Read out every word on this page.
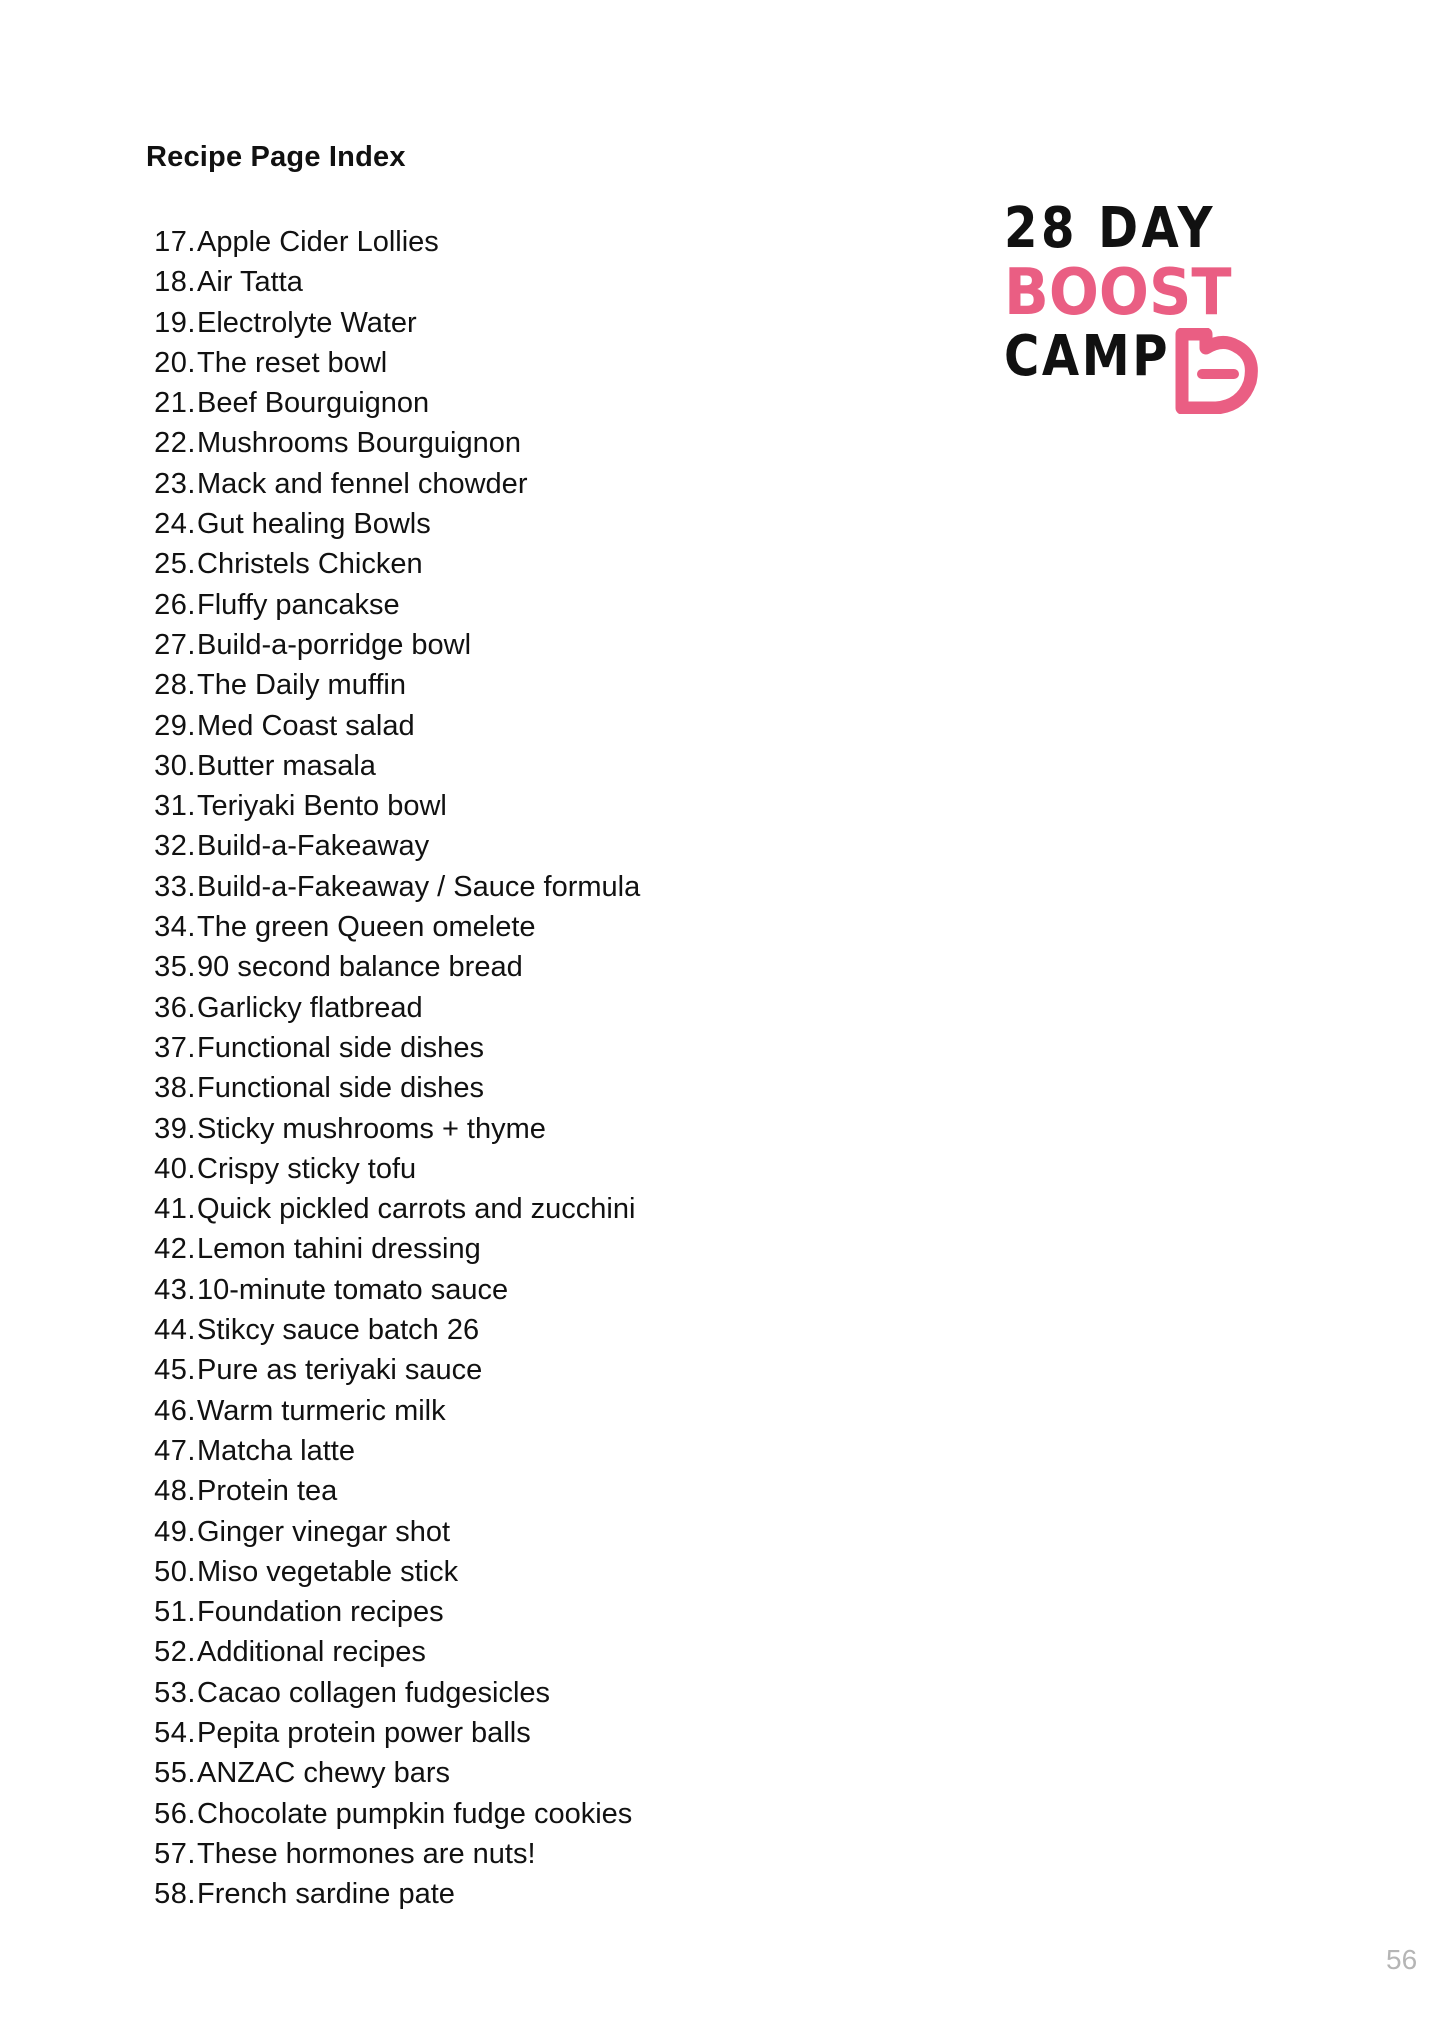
Recipe Page Index
17. Apple Cider Lollies
18. Air Tatta
19. Electrolyte Water
20. The reset bowl
21. Beef Bourguignon
22. Mushrooms Bourguignon
23. Mack and fennel chowder
24. Gut healing Bowls
25. Christels Chicken
26. Fluffy pancakse
27. Build-a-porridge bowl
28. The Daily muffin
29. Med Coast salad
30. Butter masala
31. Teriyaki Bento bowl
32. Build-a-Fakeaway
33. Build-a-Fakeaway / Sauce formula
34. The green Queen omelete
35. 90 second balance bread
36. Garlicky flatbread
37. Functional side dishes
38. Functional side dishes
39. Sticky mushrooms + thyme
40. Crispy sticky tofu
41. Quick pickled carrots and zucchini
42. Lemon tahini dressing
43. 10-minute tomato sauce
44. Stikcy sauce batch 26
45. Pure as teriyaki sauce
46. Warm turmeric milk
47. Matcha latte
48. Protein tea
49. Ginger vinegar shot
50. Miso vegetable stick
51. Foundation recipes
52. Additional recipes
53. Cacao collagen fudgesicles
54. Pepita protein power balls
55. ANZAC chewy bars
56. Chocolate pumpkin fudge cookies
57. These hormones are nuts!
58. French sardine pate
28 DAY
BOOST
CAMP
56
